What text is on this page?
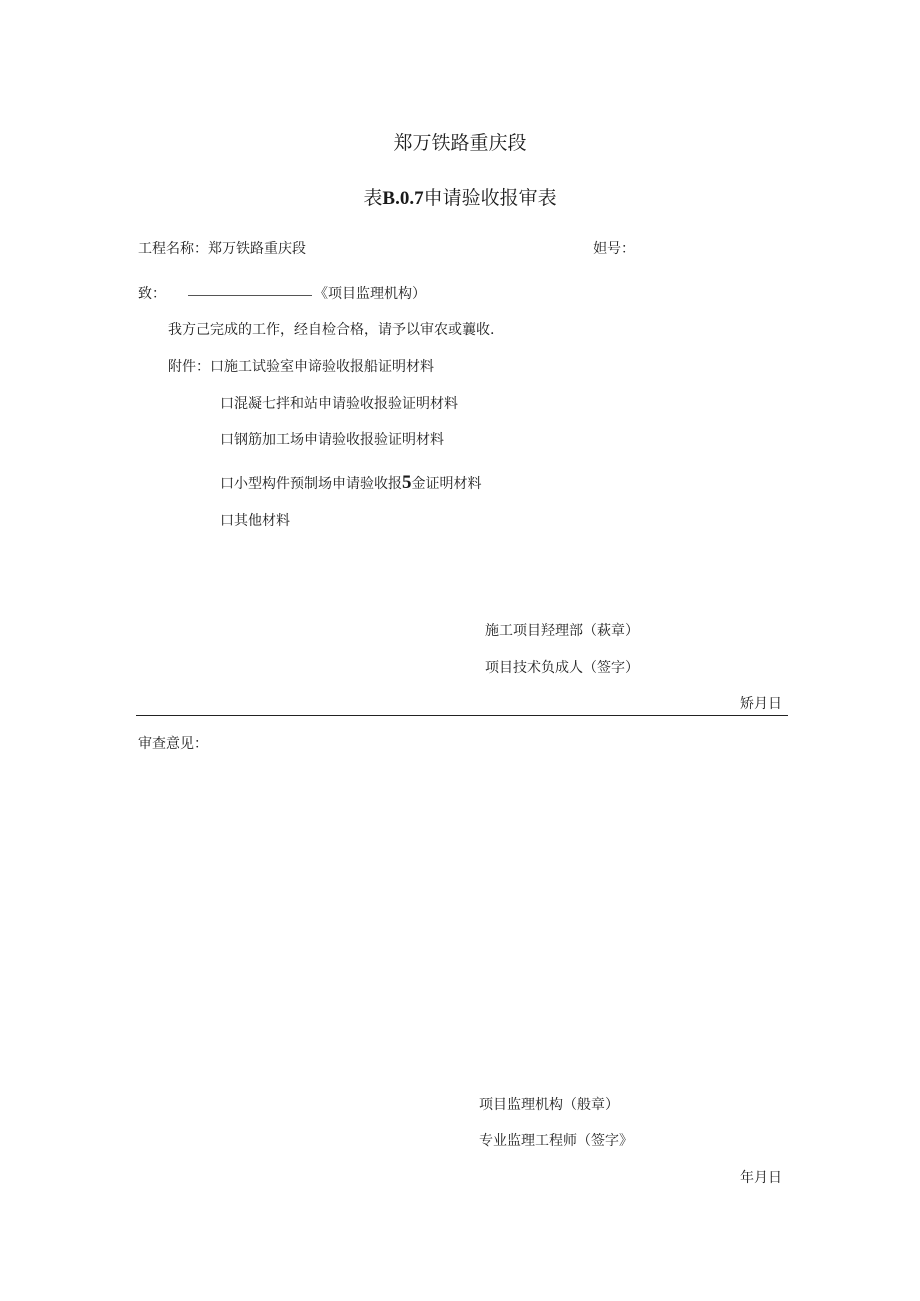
郑万铁路重庆段
表B.0.7申请验收报审表
工程名称：郑万铁路重庆段	妲号：
致：	《项目监理机构）
我方己完成的工作，经自检合格，请予以审农或蘘收.
附件：口施工试验室申谛验收报船证明材料
口混凝七拌和站申请验收报验证明材料
口钢筋加工场申请验收报验证明材料
口小型构件预制场申请验收报5金证明材料
口其他材料
施工项目羟理部（萩章）
项目技术负成人（签字）
矫月日
审查意见：
项目监理机构（般章）
专业监理工程师（签字》
年月日
